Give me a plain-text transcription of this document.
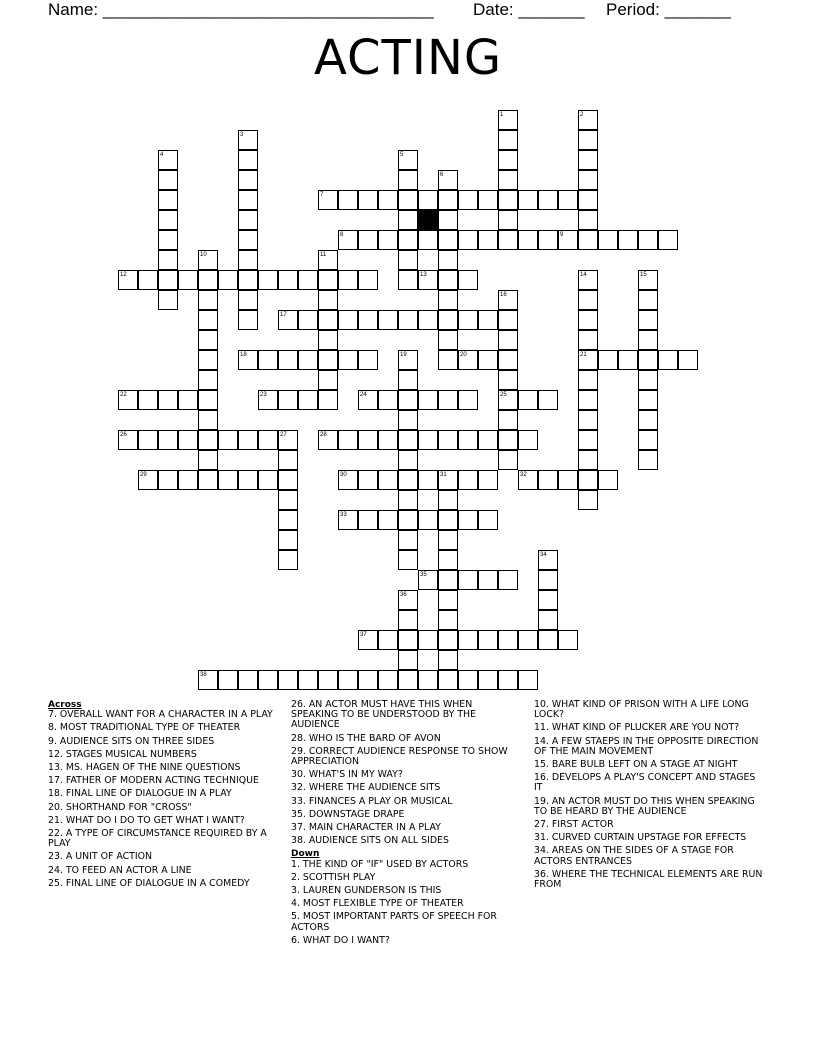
Name: ___________________________________ Date: _______ Period: _______
ACTING
1	2
3
4	5
6
7
8	9
10	11
12	13	14	15
16
17
18	19	20	21
22	23	24	25
26	27	28
29	30	31	32
33
34
35
36
37
38
Across
7. OVERALL WANT FOR A CHARACTER IN A PLAY
8. MOST TRADITIONAL TYPE OF THEATER
9. AUDIENCE SITS ON THREE SIDES
12. STAGES MUSICAL NUMBERS
13. MS. HAGEN OF THE NINE QUESTIONS
17. FATHER OF MODERN ACTING TECHNIQUE
18. FINAL LINE OF DIALOGUE IN A PLAY
20. SHORTHAND FOR "CROSS"
21. WHAT DO I DO TO GET WHAT I WANT?
22. A TYPE OF CIRCUMSTANCE REQUIRED BY A PLAY
23. A UNIT OF ACTION
24. TO FEED AN ACTOR A LINE
25. FINAL LINE OF DIALOGUE IN A COMEDY
26. AN ACTOR MUST HAVE THIS WHEN SPEAKING TO BE UNDERSTOOD BY THE AUDIENCE
28. WHO IS THE BARD OF AVON
29. CORRECT AUDIENCE RESPONSE TO SHOW APPRECIATION
30. WHAT'S IN MY WAY?
32. WHERE THE AUDIENCE SITS
33. FINANCES A PLAY OR MUSICAL
35. DOWNSTAGE DRAPE
37. MAIN CHARACTER IN A PLAY
38. AUDIENCE SITS ON ALL SIDES
Down
1. THE KIND OF "IF" USED BY ACTORS
2. SCOTTISH PLAY
3. LAUREN GUNDERSON IS THIS
4. MOST FLEXIBLE TYPE OF THEATER
5. MOST IMPORTANT PARTS OF SPEECH FOR ACTORS
6. WHAT DO I WANT?
10. WHAT KIND OF PRISON WITH A LIFE LONG LOCK?
11. WHAT KIND OF PLUCKER ARE YOU NOT?
14. A FEW STAEPS IN THE OPPOSITE DIRECTION OF THE MAIN MOVEMENT
15. BARE BULB LEFT ON A STAGE AT NIGHT
16. DEVELOPS A PLAY'S CONCEPT AND STAGES IT
19. AN ACTOR MUST DO THIS WHEN SPEAKING TO BE HEARD BY THE AUDIENCE
27. FIRST ACTOR
31. CURVED CURTAIN UPSTAGE FOR EFFECTS
34. AREAS ON THE SIDES OF A STAGE FOR ACTORS ENTRANCES
36. WHERE THE TECHNICAL ELEMENTS ARE RUN FROM
